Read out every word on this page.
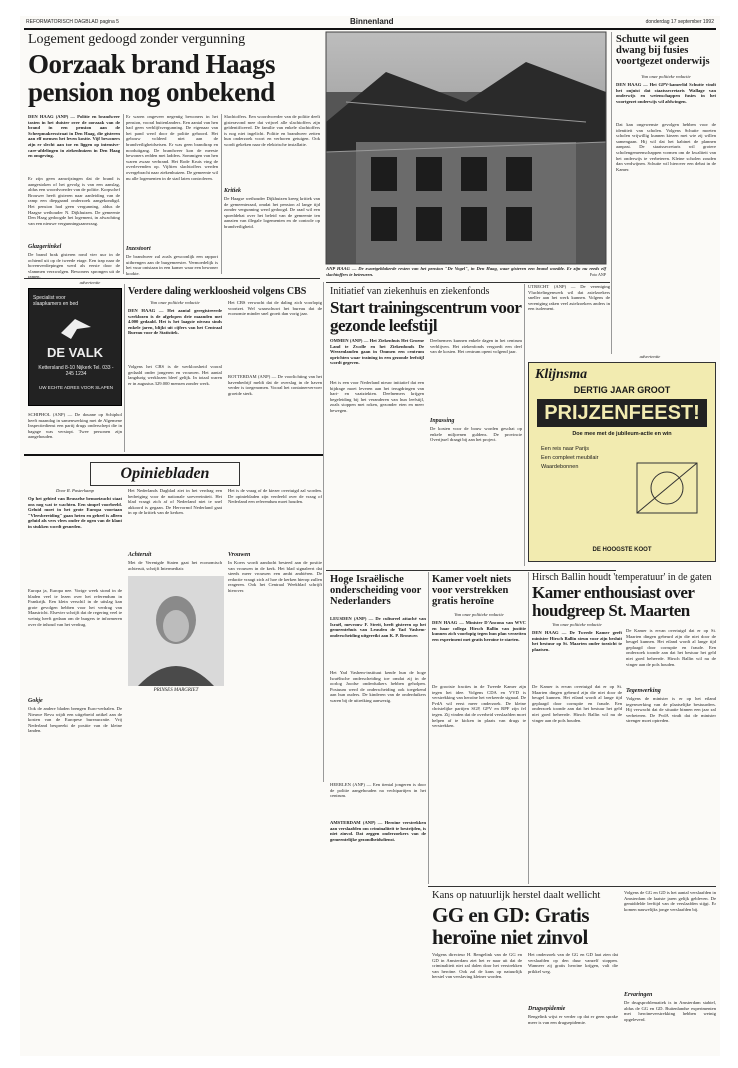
REFORMATORISCH DAGBLAD pagina 5	Binnenland	donderdag 17 september 1992
Logement gedoogd zonder vergunning
Oorzaak brand Haags pension nog onbekend
DEN HAAG (ANP) — Politie en brandweer tasten in het duister over de oorzaak van de brand in een pension aan de Scheepmakersstraat in Den Haag, die gisteren aan elf mensen het leven kostte. Vijf bewoners zijn er slecht aan toe en liggen op intensive-care-afdelingen in ziekenhuizen in Den Haag en omgeving.
Er zijn geen aanwijzingen dat de brand is aangestoken of het gevolg is van een aanslag, aldus een woordvoerder van de politie. Korpschef Brouwer heeft gisteren naar aanleiding van de ramp een diepgaand onderzoek aangekondigd. Het pension had geen vergunning, aldus de Haagse wethouder N. Dijkhuizen. De gemeente Den Haag gedoogde het logement, in afwachting van een nieuwe vergunningsaanvraag.
Glazgeriinkel
De brand brak gisteren rond vier uur in de ochtend uit op de tweede etage. Een trap naar de bovenverdiepingen werd als eerste door de vlammen verzwolgen. Bewoners sprongen uit de ramen.
Er waren ongeveer negentig bewoners in het pension, vooral buitenlanders. Een aantal van hen had geen verblijfsvergunning. De eigenaar van het pand werd door de politie gehoord. Het gebouw voldeed niet aan de brandveiligheidseisen. Er was geen brandtrap en nooduitgang. De brandweer kon de meeste bewoners redden met ladders. Sommigen van hen waren zwaar verbrand. Het Rode Kruis ving de overlevenden op. Vijftien slachtoffers werden overgebracht naar ziekenhuizen. De gemeente wil nu alle logementen in de stad laten controleren.
Inzestoort
De brandweer zal zoals gewoonlijk een rapport uitbrengen aan de burgemeester. Vermoedelijk is het vuur ontstaan in een kamer waar een bewoner kookte.
Slachtoffers. Een woordvoerder van de politie deelt gisteravond mee dat vrijwel alle slachtoffers zijn geïdentificeerd. De familie van enkele slachtoffers is nog niet ingelicht. Politie en brandweer zetten hun onderzoek voort en verhoren getuigen. Ook wordt gekeken naar de elektrische installatie.
Kritiek
De Haagse wethouder Dijkhuizen kreeg kritiek van de gemeenteraad, omdat het pension al lange tijd zonder vergunning werd gedoogd. De raad wil een spoeddebat over het beleid van de gemeente ten aanzien van illegale logementen en de controle op brandveiligheid.
ANP HAAG — De zwartgeblakerde resten van het pension "De Vogel", in Den Haag, waar gisteren een brand woedde. Er zijn nu reeds elf slachtoffers te betreuren.	Foto ANP
Schutte wil geen dwang bij fusies voortgezet onderwijs
Van onze politieke redactie
DEN HAAG — Het GPV-kamerlid Schutte vindt het onjuist dat staatssecretaris Wallage van onderwijs en wetenschappen fusies in het voortgezet onderwijs wil afdwingen.
Dat kan ongewenste gevolgen hebben voor de identiteit van scholen. Volgens Schutte moeten scholen vrijwillig kunnen kiezen met wie zij willen samengaan. Hij wil dat het kabinet de plannen aanpast. De staatssecretaris wil grotere scholengemeenschappen vormen om de kwaliteit van het onderwijs te verbeteren. Kleine scholen zouden dan verdwijnen. Schutte wil hierover een debat in de Kamer.
Initiatief van ziekenhuis en ziekenfonds
Start trainingscentrum voor gezonde leefstijl
OMMEN (ANP) — Het Ziekenhuis Het Groene Land te Zwolle en het Ziekenfonds De Weezenlanden gaan in Ommen een centrum oprichten waar training in een gezonde leefstijl wordt gegeven.
Het is een voor Nederland nieuw initiatief dat een bijdrage moet leveren aan het terugdringen van hart- en vaatziekten. Deelnemers krijgen begeleiding bij het veranderen van hun leefstijl, zoals stoppen met roken, gezonder eten en meer bewegen.
Deelnemers kunnen enkele dagen in het centrum verblijven. Het ziekenfonds vergoedt een deel van de kosten. Het centrum opent volgend jaar.
Inpassing
De kosten voor de bouw worden geschat op enkele miljoenen guldens. De provincie Overijssel draagt bij aan het project.
UTRECHT (ANP) — De vereniging Vluchtelingenwerk wil dat asielzoekers sneller aan het werk kunnen. Volgens de vereniging raken veel asielzoekers anders in een isolement.
advertentie
Klijnsma
DERTIG JAAR GROOT
PRIJZENFEEST!
Doe mee met de jubileum-actie en win
Een reis naar Parijs
Een compleet meubilair
Waardebonnen
DE HOOGSTE KOOT
advertentie
Specialist voor
slaapkamers en bed
DE VALK
Kettersland 8-10 Nijkerk Tel. 033 - 245 1234
UW ECHTE ADRES VOOR SLAPEN
SCHIPHOL (ANP) — De douane op Schiphol heeft maandag in samenwerking met de Algemene Inspectiedienst een partij drugs onderschept die in bagage was verstopt. Twee personen zijn aangehouden.
Verdere daling werkloosheid volgens CBS
Van onze politieke redactie
DEN HAAG — Het aantal geregistreerde werklozen is de afgelopen drie maanden met 4.000 gedaald. Het is het laagste niveau sinds enkele jaren, blijkt uit cijfers van het Centraal Bureau voor de Statistiek.
Volgens het CBS is de werkloosheid vooral gedaald onder jongeren en vrouwen. Het aantal langdurig werklozen bleef gelijk. In totaal waren er in augustus 329.000 mensen zonder werk.
Het CBS verwacht dat de daling zich voorlopig voortzet. Wel waarschuwt het bureau dat de economie minder snel groeit dan vorig jaar.
ROTTERDAM (ANP) — De voorlichting van het havenbedrijf meldt dat de overslag in de haven verder is toegenomen. Vooral het containervervoer groeide sterk.
Opiniebladen
Door R. Pasterkamp
Op het gebied van Brusselse bemoeizucht staat ons nog wat te wachten. Een simpel voorbeeld. Geluid moet in het grote Europa voortaan "Vleesbereiding" gaan heten en geheel is alleen geluid als vers vlees onder de ogen van de klant in stukken wordt gesneden.
Europa ja, Europa nee. Vorige week stond in de bladen veel te lezen over het referendum in Frankrijk. Een klein verschil in de uitslag kan grote gevolgen hebben voor het verdrag van Maastricht. Elsevier schrijft dat de regering veel te weinig heeft gedaan om de burgers te informeren over de inhoud van het verdrag.
Gokje
Ook de andere bladen brengen Euro-verhalen. De Nieuwe Revu wijdt een uitgebreid artikel aan de kosten van de Europese bureaucratie. Vrij Nederland bespreekt de positie van de kleine landen.
Het Nederlands Dagblad ziet in het verdrag een bedreiging voor de nationale soevereiniteit. Het blad vraagt zich af of Nederland niet te snel akkoord is gegaan. De Hervormd Nederland gaat in op de kritiek van de kerken.
Achteruit
Met de Verenigde Staten gaat het economisch achteruit, schrijft Intermediair.
PRINSES MARGRIET
Het is de vraag of de kiezer overtuigd zal worden. De opiniebladen zijn verdeeld over de vraag of Nederland een referendum moet houden.
Vrouwen
In Koers wordt aandacht besteed aan de positie van vrouwen in de kerk. Het blad signaleert dat steeds meer vrouwen een ambt ambiëren. De redactie vraagt zich af hoe de kerken hierop zullen reageren. Ook het Centraal Weekblad schrijft hierover.
Hoge Israëlische onderscheiding voor Nederlanders
LEUSDEN (ANP) — De cultureel attaché van Israël, mevrouw F. Streit, heeft gisteren op het gemeentehuis van Leusden de Yad Vashem-onderscheiding uitgereikt aan K. P. Brouwer.
Het Yad Vashem-instituut kende hun de hoge Israëlische onderscheiding toe omdat zij in de oorlog Joodse onderduikers hebben geholpen. Postuum werd de onderscheiding ook toegekend aan hun ouders. De kinderen van de onderduikers waren bij de uitreiking aanwezig.
HEERLEN (ANP) — Een tiental jongeren is door de politie aangehouden na vechtpartijen in het centrum.
AMSTERDAM (ANP) — Heroïne verstrekken aan verslaafden om criminaliteit te bestrijden, is niet zinvol. Dat zeggen onderzoekers van de gemeentelijke gezondheidsdienst.
Kamer voelt niets voor verstrekken gratis heroïne
Van onze politieke redactie
DEN HAAG — Minister D'Ancona van WVC en haar collega Hirsch Ballin van justitie kunnen zich voorlopig tegen hun plan verzetten een experiment met gratis heroïne te starten.
De grootste fracties in de Tweede Kamer zijn tegen het idee. Volgens CDA en VVD is verstrekking van heroïne het verkeerde signaal. De PvdA wil eerst meer onderzoek. De kleine christelijke partijen SGP, GPV en RPF zijn fel tegen. Zij vinden dat de overheid verslaafden moet helpen af te kicken in plaats van drugs te verstrekken.
Hirsch Ballin houdt 'temperatuur' in de gaten
Kamer enthousiast over houdgreep St. Maarten
Van onze politieke redactie
DEN HAAG — De Tweede Kamer geeft minister Hirsch Ballin steun voor zijn besluit het bestuur op St. Maarten onder toezicht te plaatsen.
De Kamer is ervan overtuigd dat er op St. Maarten dingen gebeurd zijn die niet door de beugel kunnen. Het eiland wordt al lange tijd geplaagd door corruptie en fraude. Een onderzoek toonde aan dat het bestuur het geld niet goed beheerde. Hirsch Ballin wil nu de vinger aan de pols houden.
Tegenwerking
De Kamer is ervan overtuigd dat er op St. Maarten dingen gebeurd zijn die niet door de beugel kunnen. Het eiland wordt al lange tijd geplaagd door corruptie en fraude. Een onderzoek toonde aan dat het bestuur het geld niet goed beheerde. Hirsch Ballin wil nu de vinger aan de pols houden.
Volgens de minister is er op het eiland tegenwerking van de plaatselijke bestuurders. Hij verwacht dat de situatie binnen een jaar zal verbeteren. De PvdA vindt dat de minister strenger moet optreden.
Kans op natuurlijk herstel daalt wellicht
GG en GD: Gratis heroïne niet zinvol
Volgens directeur H. Rengelink van de GG en GD in Amsterdam ziet het er naar uit dat de criminaliteit niet zal dalen door het verstrekken van heroïne. Ook zal de kans op natuurlijk herstel van verslaving kleiner worden.
Het onderzoek van de GG en GD laat zien dat verslaafden op den duur vanzelf stoppen. Wanneer zij gratis heroïne krijgen, valt die prikkel weg.
Drugsepidemie
Rengelink wijst er verder op dat er geen sprake meer is van een drugsepidemie.
Volgens de GG en GD is het aantal verslaafden in Amsterdam de laatste jaren gelijk gebleven. De gemiddelde leeftijd van de verslaafden stijgt. Er komen nauwelijks jonge verslaafden bij.
Ervaringen
De drugsproblematiek is in Amsterdam stabiel, aldus de GG en GD. Buitenlandse experimenten met heroïneverstrekking hebben weinig opgeleverd.
